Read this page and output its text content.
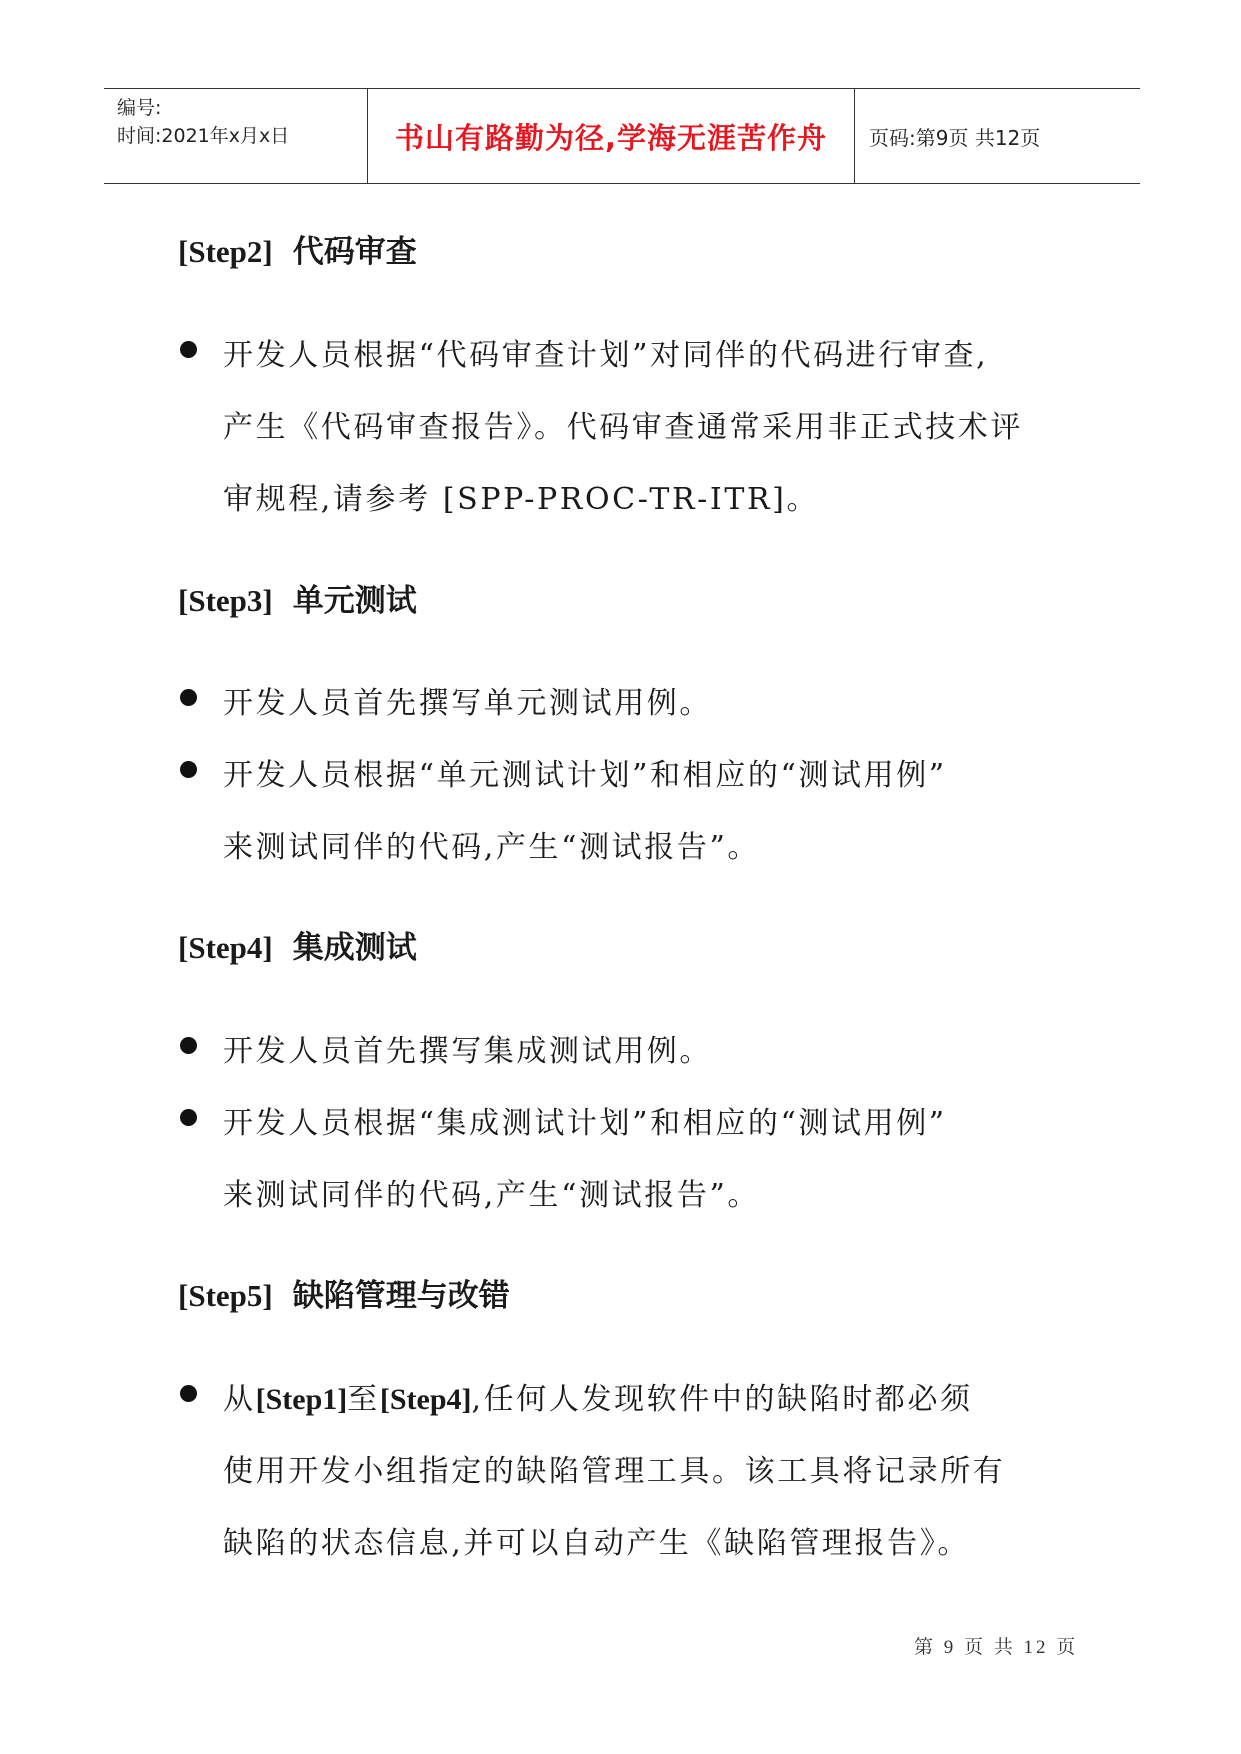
编号:
时间:2021年x月x日	书山有路勤为径,学海无涯苦作舟 页码:第9页 共12页
[Step2] 代码审查
开发人员根据“代码审查计划”对同伴的代码进行审查,
产生《代码审查报告》。代码审查通常采用非正式技术评
审规程,请参考 [SPP-PROC-TR-ITR]。
[Step3] 单元测试
开发人员首先撰写单元测试用例。
开发人员根据“单元测试计划”和相应的“测试用例”
来测试同伴的代码,产生“测试报告”。
[Step4] 集成测试
开发人员首先撰写集成测试用例。
开发人员根据“集成测试计划”和相应的“测试用例”
来测试同伴的代码,产生“测试报告”。
[Step5] 缺陷管理与改错
从[Step1]至[Step4],任何人发现软件中的缺陷时都必须
使用开发小组指定的缺陷管理工具。该工具将记录所有
缺陷的状态信息,并可以自动产生《缺陷管理报告》。
第 9 页 共 12 页
